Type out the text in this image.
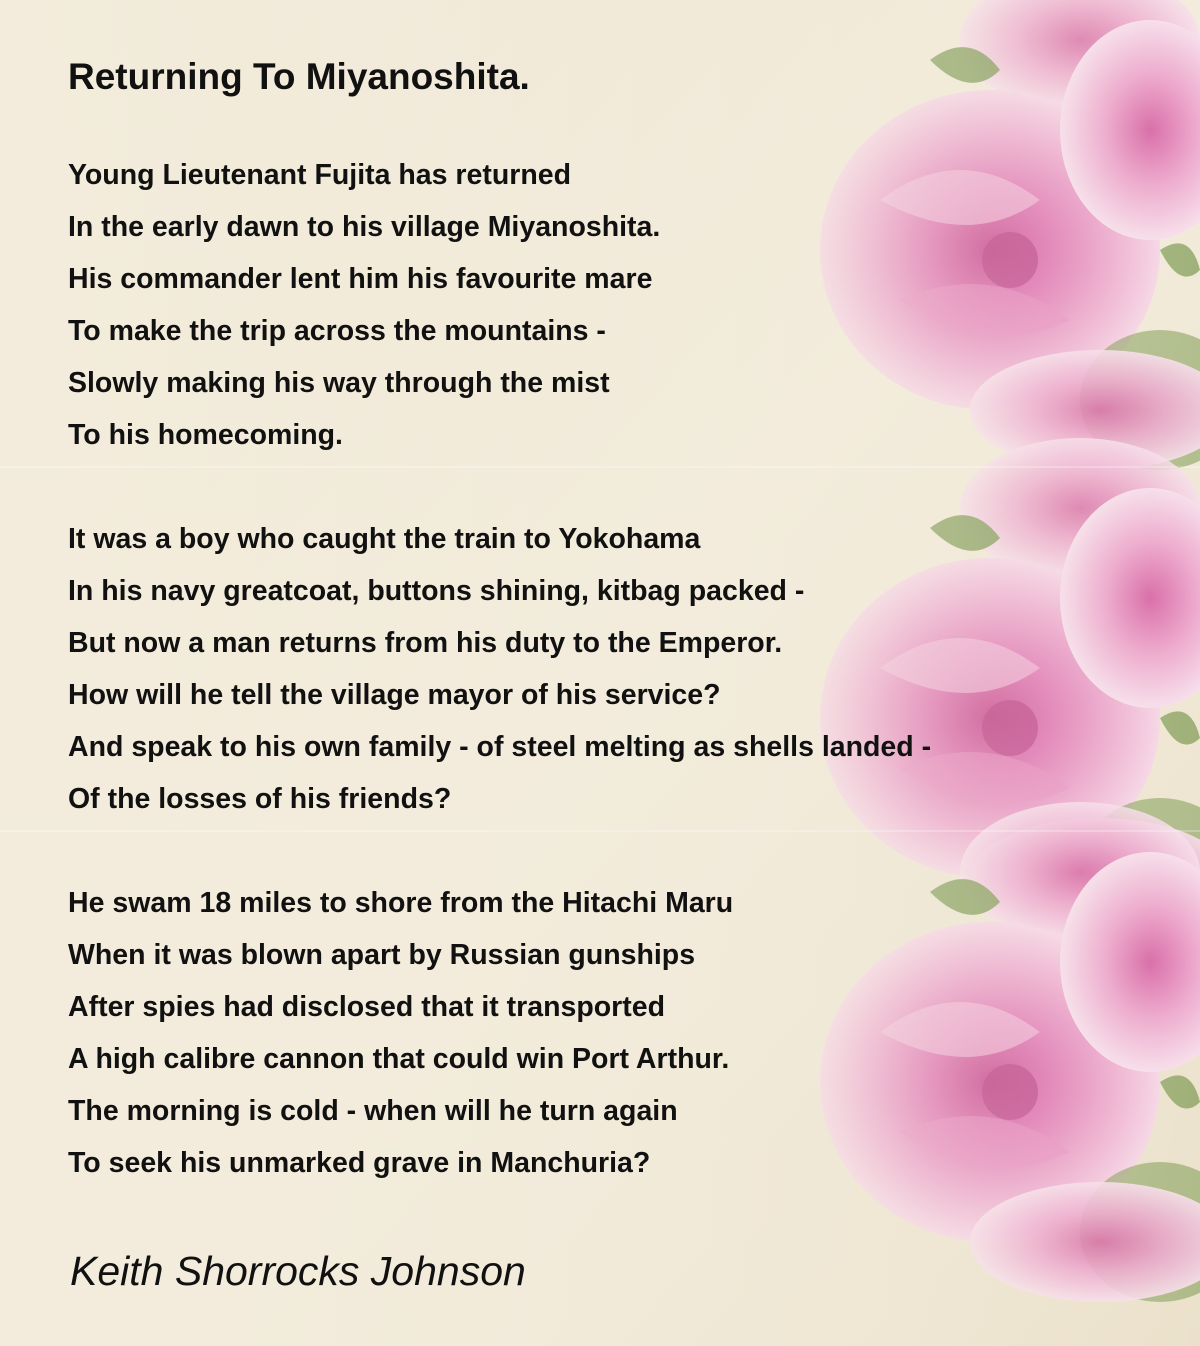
Returning To Miyanoshita.
Young Lieutenant Fujita has returned
In the early dawn to his village Miyanoshita.
His commander lent him his favourite mare
To make the trip across the mountains -
Slowly making his way through the mist
To his homecoming.
It was a boy who caught the train to Yokohama
In his navy greatcoat, buttons shining, kitbag packed -
But now a man returns from his duty to the Emperor.
How will he tell the village mayor of his service?
And speak to his own family - of steel melting as shells landed -
Of the losses of his friends?
He swam 18 miles to shore from the Hitachi Maru
When it was blown apart by Russian gunships
After spies had disclosed that it transported
A high calibre cannon that could win Port Arthur.
The morning is cold - when will he turn again
To seek his unmarked grave in Manchuria?
Keith Shorrocks Johnson
